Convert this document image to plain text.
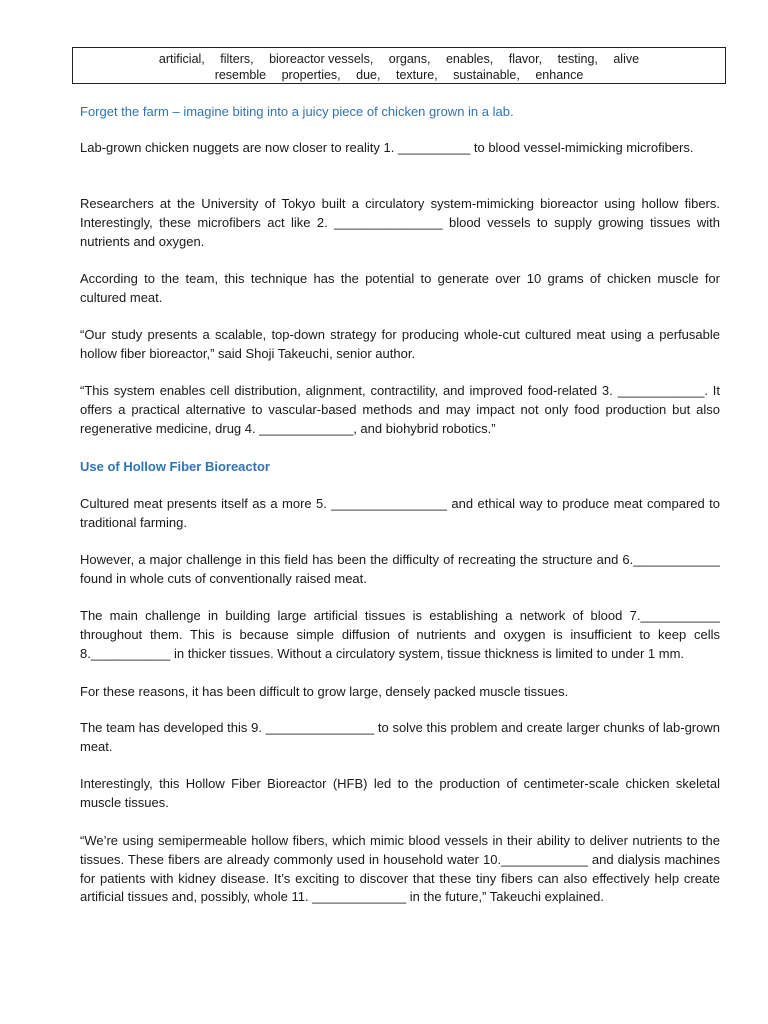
artificial, filters, bioreactor vessels, organs, enables, flavor, testing, alive
resemble properties, due, texture, sustainable, enhance
Forget the farm – imagine biting into a juicy piece of chicken grown in a lab.

Lab-grown chicken nuggets are now closer to reality 1. __________ to blood vessel-mimicking microfibers.

Researchers at the University of Tokyo built a circulatory system-mimicking bioreactor using hollow fibers. Interestingly, these microfibers act like 2. _______________ blood vessels to supply growing tissues with nutrients and oxygen.

According to the team, this technique has the potential to generate over 10 grams of chicken muscle for cultured meat.

“Our study presents a scalable, top-down strategy for producing whole-cut cultured meat using a perfusable hollow fiber bioreactor,” said Shoji Takeuchi, senior author.

“This system enables cell distribution, alignment, contractility, and improved food-related 3. ____________. It offers a practical alternative to vascular-based methods and may impact not only food production but also regenerative medicine, drug 4. _____________, and biohybrid robotics.”

Use of Hollow Fiber Bioreactor

Cultured meat presents itself as a more 5. ________________ and ethical way to produce meat compared to traditional farming.

However, a major challenge in this field has been the difficulty of recreating the structure and 6.____________ found in whole cuts of conventionally raised meat.

The main challenge in building large artificial tissues is establishing a network of blood 7.___________ throughout them. This is because simple diffusion of nutrients and oxygen is insufficient to keep cells 8.___________ in thicker tissues. Without a circulatory system, tissue thickness is limited to under 1 mm.

For these reasons, it has been difficult to grow large, densely packed muscle tissues.

The team has developed this 9. _______________ to solve this problem and create larger chunks of lab-grown meat.

Interestingly, this Hollow Fiber Bioreactor (HFB) led to the production of centimeter-scale chicken skeletal muscle tissues.

“We’re using semipermeable hollow fibers, which mimic blood vessels in their ability to deliver nutrients to the tissues. These fibers are already commonly used in household water 10.____________ and dialysis machines for patients with kidney disease. It’s exciting to discover that these tiny fibers can also effectively help create artificial tissues and, possibly, whole 11. _____________ in the future,” Takeuchi explained.
